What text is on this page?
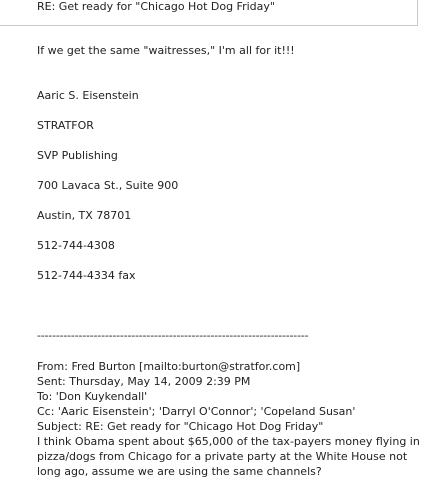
RE: Get ready for "Chicago Hot Dog Friday"
If we get the same "waitresses," I'm all for it!!!
Aaric S. Eisenstein
STRATFOR
SVP Publishing
700 Lavaca St., Suite 900
Austin, TX 78701
512-744-4308
512-744-4334 fax
------------------------------------------------------------------------
From: Fred Burton [mailto:burton@stratfor.com]
Sent: Thursday, May 14, 2009 2:39 PM
To: 'Don Kuykendall'
Cc: 'Aaric Eisenstein'; 'Darryl O'Connor'; 'Copeland Susan'
Subject: RE: Get ready for "Chicago Hot Dog Friday"
I think Obama spent about $65,000 of the tax-payers money flying in pizza/dogs from Chicago for a private party at the White House not long ago, assume we are using the same channels?
